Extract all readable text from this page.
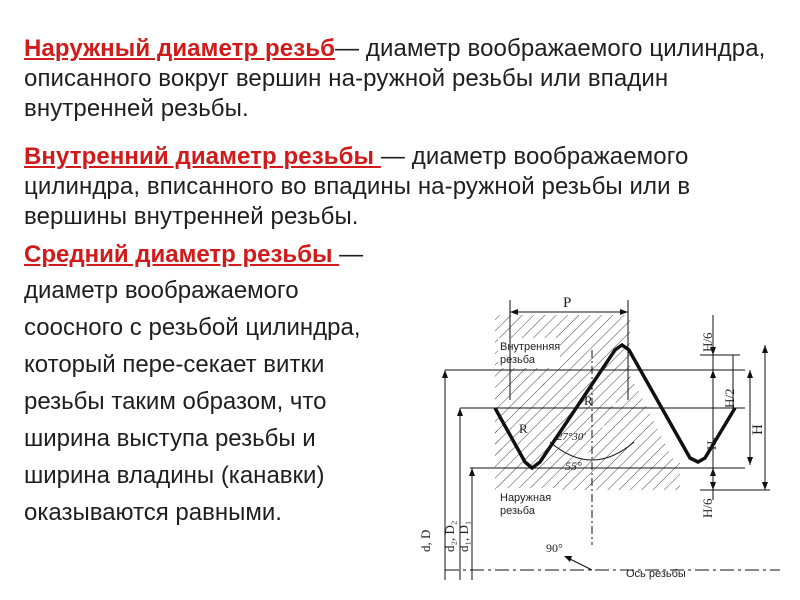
Наружный диаметр резьб— диаметр воображаемого цилиндра, описанного вокруг вершин на-ружной резьбы или впадин внутренней резьбы.
Внутренний диаметр резьбы — диаметр воображаемого цилиндра, вписанного во впадины на-ружной резьбы или в вершины внутренней резьбы.
Средний диаметр резьбы —
диаметр воображаемого
соосного с резьбой цилиндра,
который пере-секает витки
резьбы таким образом, что
ширина выступа резьбы и
ширина владины (канавки)
оказываются равными.
P
Внутренняя
резьба
Наружная
резьба
d, D d₂, D₂ d₁, D₁
H/6
H/2
H₁
H
H/6
R
R
27°30'
55°
90°
Ось резьбы
